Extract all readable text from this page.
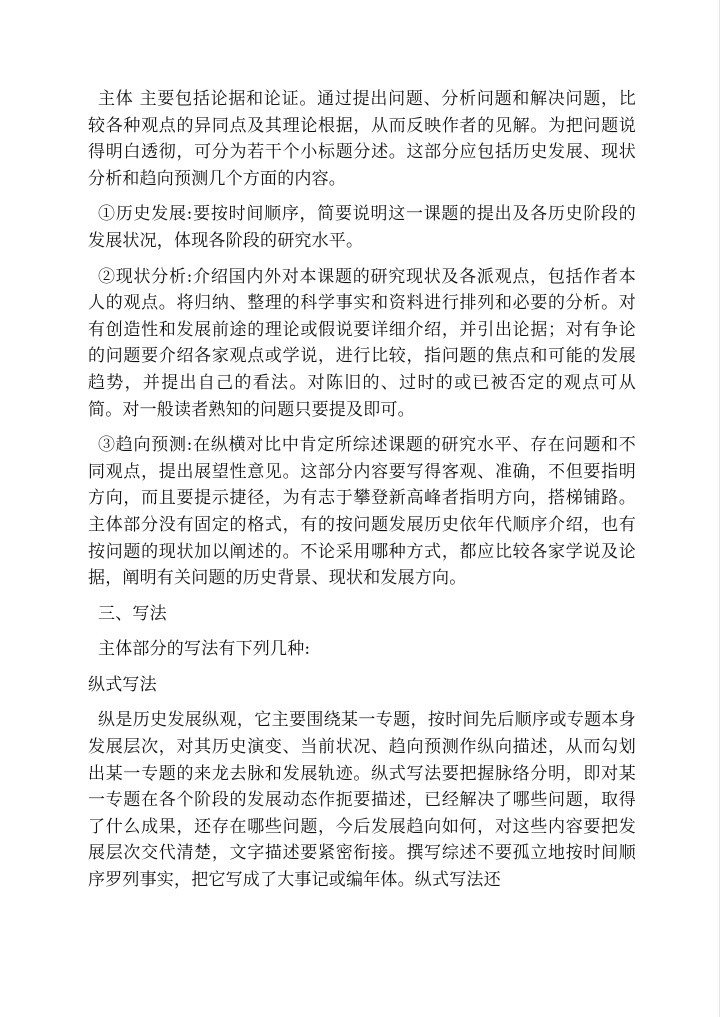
主体 主要包括论据和论证。通过提出问题、分析问题和解决问题，比较各种观点的异同点及其理论根据，从而反映作者的见解。为把问题说得明白透彻，可分为若干个小标题分述。这部分应包括历史发展、现状分析和趋向预测几个方面的内容。

①历史发展:要按时间顺序，简要说明这一课题的提出及各历史阶段的发展状况，体现各阶段的研究水平。

②现状分析:介绍国内外对本课题的研究现状及各派观点，包括作者本人的观点。将归纳、整理的科学事实和资料进行排列和必要的分析。对有创造性和发展前途的理论或假说要详细介绍，并引出论据；对有争论的问题要介绍各家观点或学说，进行比较，指问题的焦点和可能的发展趋势，并提出自己的看法。对陈旧的、过时的或已被否定的观点可从简。对一般读者熟知的问题只要提及即可。

③趋向预测:在纵横对比中肯定所综述课题的研究水平、存在问题和不同观点，提出展望性意见。这部分内容要写得客观、准确，不但要指明方向，而且要提示捷径，为有志于攀登新高峰者指明方向，搭梯铺路。主体部分没有固定的格式，有的按问题发展历史依年代顺序介绍，也有按问题的现状加以阐述的。不论采用哪种方式，都应比较各家学说及论据，阐明有关问题的历史背景、现状和发展方向。

三、写法

主体部分的写法有下列几种:

纵式写法

纵是历史发展纵观，它主要围绕某一专题，按时间先后顺序或专题本身发展层次，对其历史演变、当前状况、趋向预测作纵向描述，从而勾划出某一专题的来龙去脉和发展轨迹。纵式写法要把握脉络分明，即对某一专题在各个阶段的发展动态作扼要描述，已经解决了哪些问题，取得了什么成果，还存在哪些问题，今后发展趋向如何，对这些内容要把发展层次交代清楚，文字描述要紧密衔接。撰写综述不要孤立地按时间顺序罗列事实，把它写成了大事记或编年体。纵式写法还
